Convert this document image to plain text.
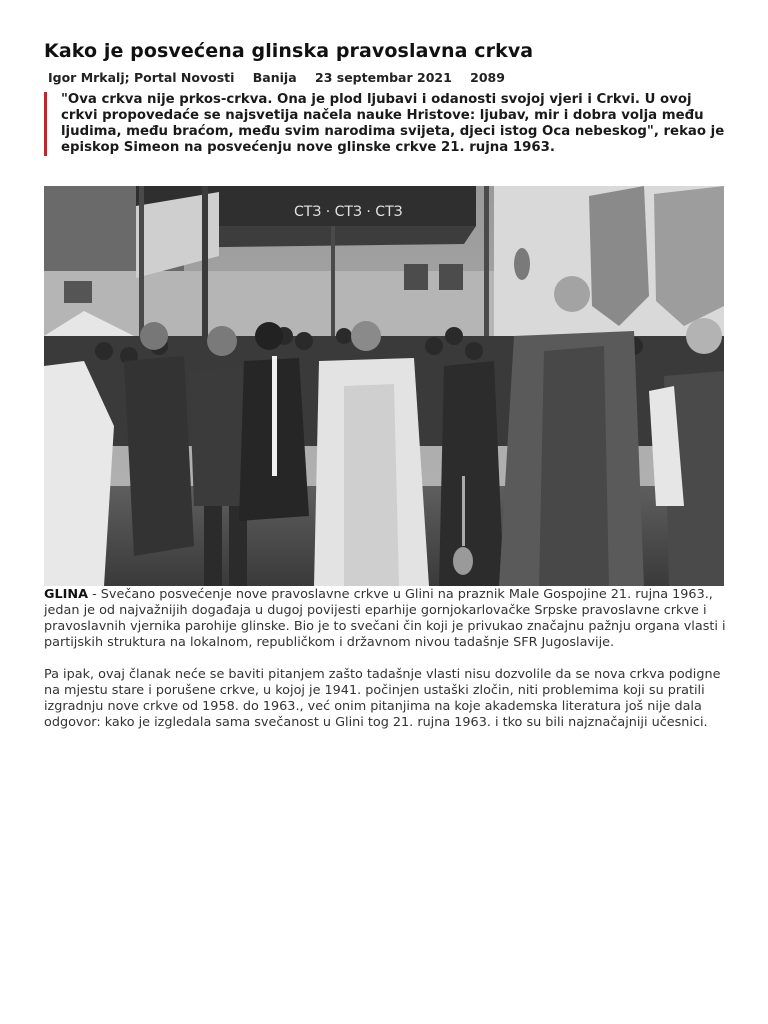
Kako je posvećena glinska pravoslavna crkva
Igor Mrkalj; Portal Novosti Banija 23 septembar 2021 2089
"Ova crkva nije prkos-crkva. Ona je plod ljubavi i odanosti svojoj vjeri i Crkvi. U ovoj crkvi propovedaće se najsvetija načela nauke Hristove: ljubav, mir i dobra volja među ljudima, među braćom, među svim narodima svijeta, djeci istog Oca nebeskog", rekao je episkop Simeon na posvećenju nove glinske crkve 21. rujna 1963.
СТЗ · СТЗ · СТЗ

GLINA - Svečano posvećenje nove pravoslavne crkve u Glini na praznik Male Gospojine 21. rujna 1963., jedan je od najvažnijih događaja u dugoj povijesti eparhije gornjokarlovačke Srpske pravoslavne crkve i pravoslavnih vjernika parohije glinske. Bio je to svečani čin koji je privukao značajnu pažnju organa vlasti i partijskih struktura na lokalnom, republičkom i državnom nivou tadašnje SFR Jugoslavije.

Pa ipak, ovaj članak neće se baviti pitanjem zašto tadašnje vlasti nisu dozvolile da se nova crkva podigne na mjestu stare i porušene crkve, u kojoj je 1941. počinjen ustaški zločin, niti problemima koji su pratili izgradnju nove crkve od 1958. do 1963., već onim pitanjima na koje akademska literatura još nije dala odgovor: kako je izgledala sama svečanost u Glini tog 21. rujna 1963. i tko su bili najznačajniji učesnici.
